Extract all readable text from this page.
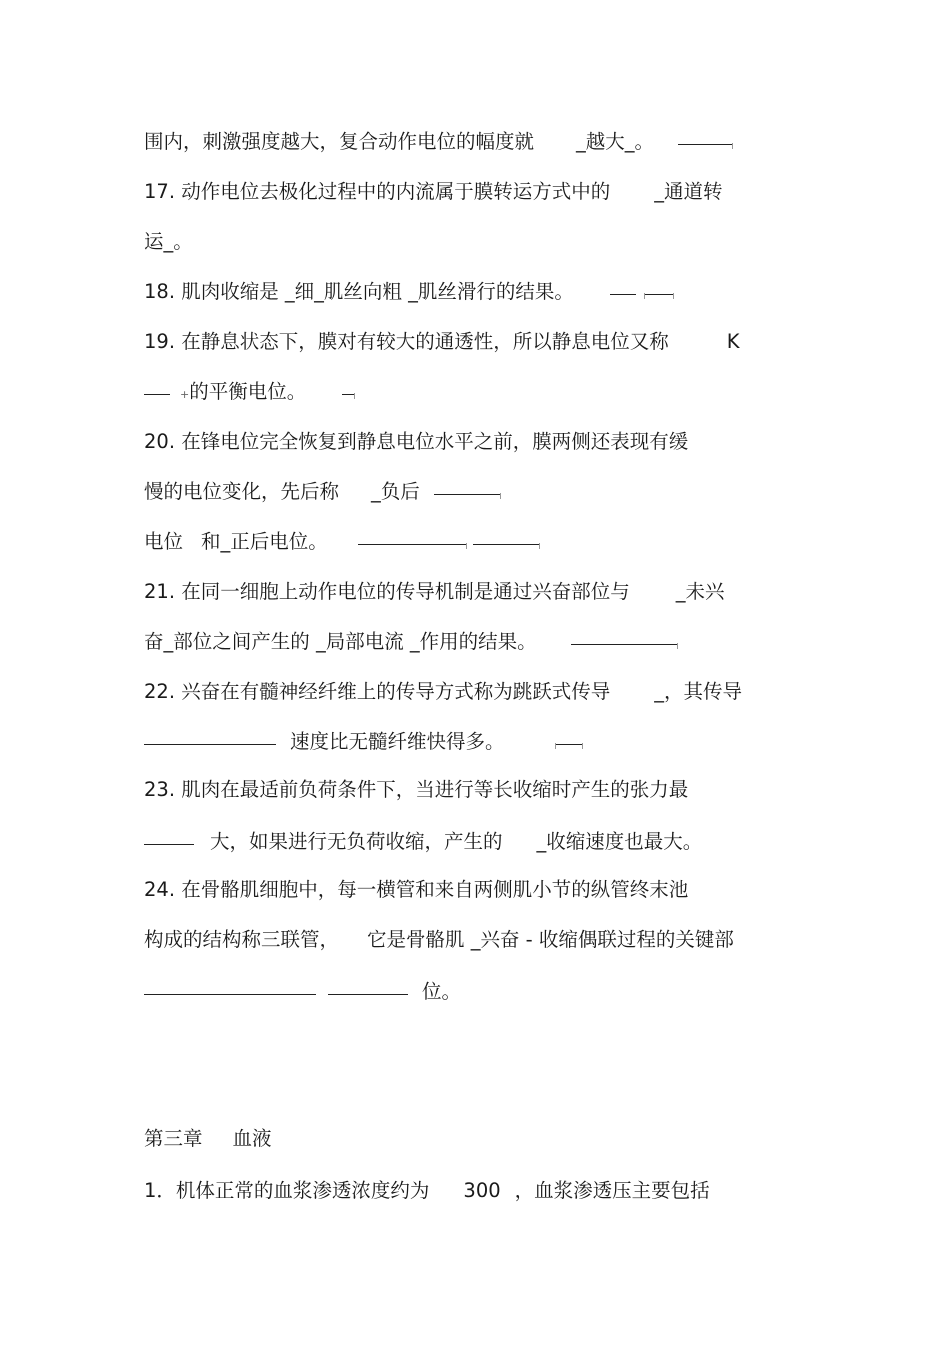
围内，刺激强度越大，复合动作电位的幅度就 _越大_。
17. 动作电位去极化过程中的内流属于膜转运方式中的 _通道转
运_。
18. 肌肉收缩是 _细_肌丝向粗 _肌丝滑行的结果。
19. 在静息状态下，膜对有较大的通透性，所以静息电位又称	K
+的平衡电位。
20. 在锋电位完全恢复到静息电位水平之前，膜两侧还表现有缓
慢的电位变化，先后称 _负后
电位 和_正后电位。
21. 在同一细胞上动作电位的传导机制是通过兴奋部位与 _未兴
奋_部位之间产生的 _局部电流 _作用的结果。
22. 兴奋在有髓神经纤维上的传导方式称为跳跃式传导 _，其传导
速度比无髓纤维快得多。
23. 肌肉在最适前负荷条件下，当进行等长收缩时产生的张力最
大，如果进行无负荷收缩，产生的 _收缩速度也最大。
24. 在骨骼肌细胞中，每一横管和来自两侧肌小节的纵管终末池
构成的结构称三联管， 它是骨骼肌 _兴奋 - 收缩偶联过程的关键部
位。
第三章 血液
1．机体正常的血浆渗透浓度约为 300 ，血浆渗透压主要包括
